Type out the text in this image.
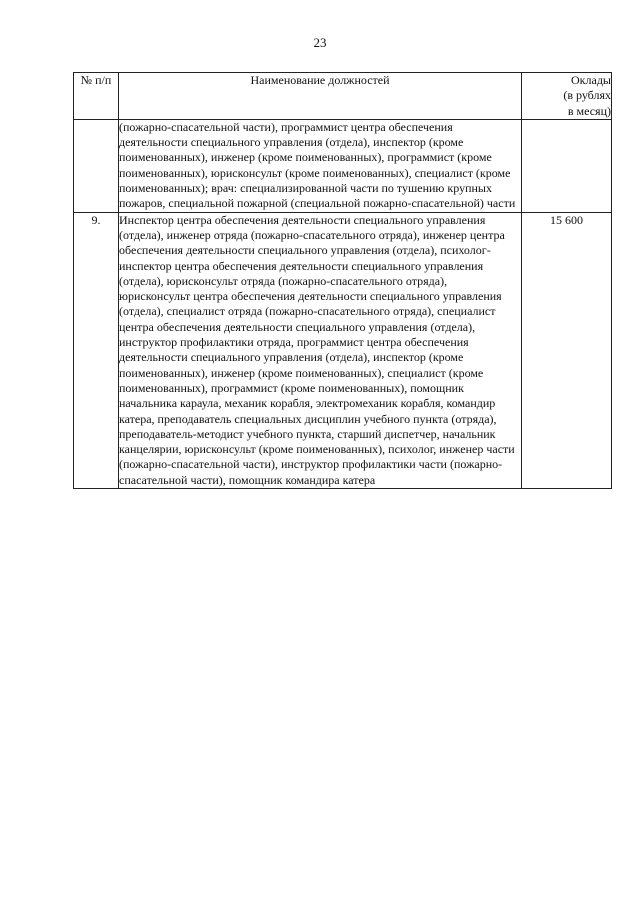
23
№ п/п	Наименование должностей	Оклады
(в рублях
в месяц)

	(пожарно-спасательной части), программист центра обеспечения деятельности специального управления (отдела), инспектор (кроме поименованных), инженер (кроме поименованных), программист (кроме поименованных), юрисконсульт (кроме поименованных), специалист (кроме поименованных); врач: специализированной части по тушению крупных пожаров, специальной пожарной (специальной пожарно-спасательной) части	
9.	Инспектор центра обеспечения деятельности специального управления (отдела), инженер отряда (пожарно-спасательного отряда), инженер центра обеспечения деятельности специального управления (отдела), психолог-инспектор центра обеспечения деятельности специального управления (отдела), юрисконсульт отряда (пожарно-спасательного отряда), юрисконсульт центра обеспечения деятельности специального управления (отдела), специалист отряда (пожарно-спасательного отряда), специалист центра обеспечения деятельности специального управления (отдела), инструктор профилактики отряда, программист центра обеспечения деятельности специального управления (отдела), инспектор (кроме поименованных), инженер (кроме поименованных), специалист (кроме поименованных), программист (кроме поименованных), помощник начальника караула, механик корабля, электромеханик корабля, командир катера, преподаватель специальных дисциплин учебного пункта (отряда), преподаватель-методист учебного пункта, старший диспетчер, начальник канцелярии, юрисконсульт (кроме поименованных), психолог, инженер части (пожарно-спасательной части), инструктор профилактики части (пожарно-спасательной части), помощник командира катера	15 600
